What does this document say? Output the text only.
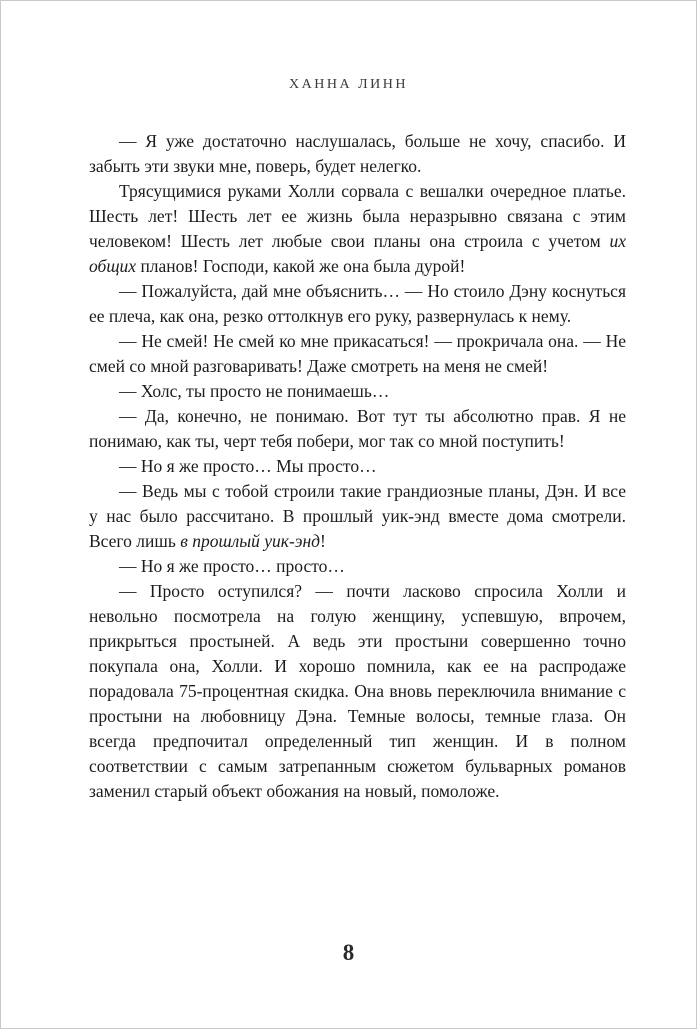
ХАННА ЛИНН

— Я уже достаточно наслушалась, больше не хочу, спасибо. И забыть эти звуки мне, поверь, будет нелегко.

Трясущимися руками Холли сорвала с вешалки очередное платье. Шесть лет! Шесть лет ее жизнь была неразрывно связана с этим человеком! Шесть лет любые свои планы она строила с учетом их общих планов! Господи, какой же она была дурой!

— Пожалуйста, дай мне объяснить… — Но стоило Дэну коснуться ее плеча, как она, резко оттолкнув его руку, развернулась к нему.

— Не смей! Не смей ко мне прикасаться! — прокричала она. — Не смей со мной разговаривать! Даже смотреть на меня не смей!

— Холс, ты просто не понимаешь…

— Да, конечно, не понимаю. Вот тут ты абсолютно прав. Я не понимаю, как ты, черт тебя побери, мог так со мной поступить!

— Но я же просто… Мы просто…

— Ведь мы с тобой строили такие грандиозные планы, Дэн. И все у нас было рассчитано. В прошлый уик-энд вместе дома смотрели. Всего лишь в прошлый уик-энд!

— Но я же просто… просто…

— Просто оступился? — почти ласково спросила Холли и невольно посмотрела на голую женщину, успевшую, впрочем, прикрыться простыней. А ведь эти простыни совершенно точно покупала она, Холли. И хорошо помнила, как ее на распродаже порадовала 75-процентная скидка. Она вновь переключила внимание с простыни на любовницу Дэна. Темные волосы, темные глаза. Он всегда предпочитал определенный тип женщин. И в полном соответствии с самым затрепанным сюжетом бульварных романов заменил старый объект обожания на новый, помоложе.

8
